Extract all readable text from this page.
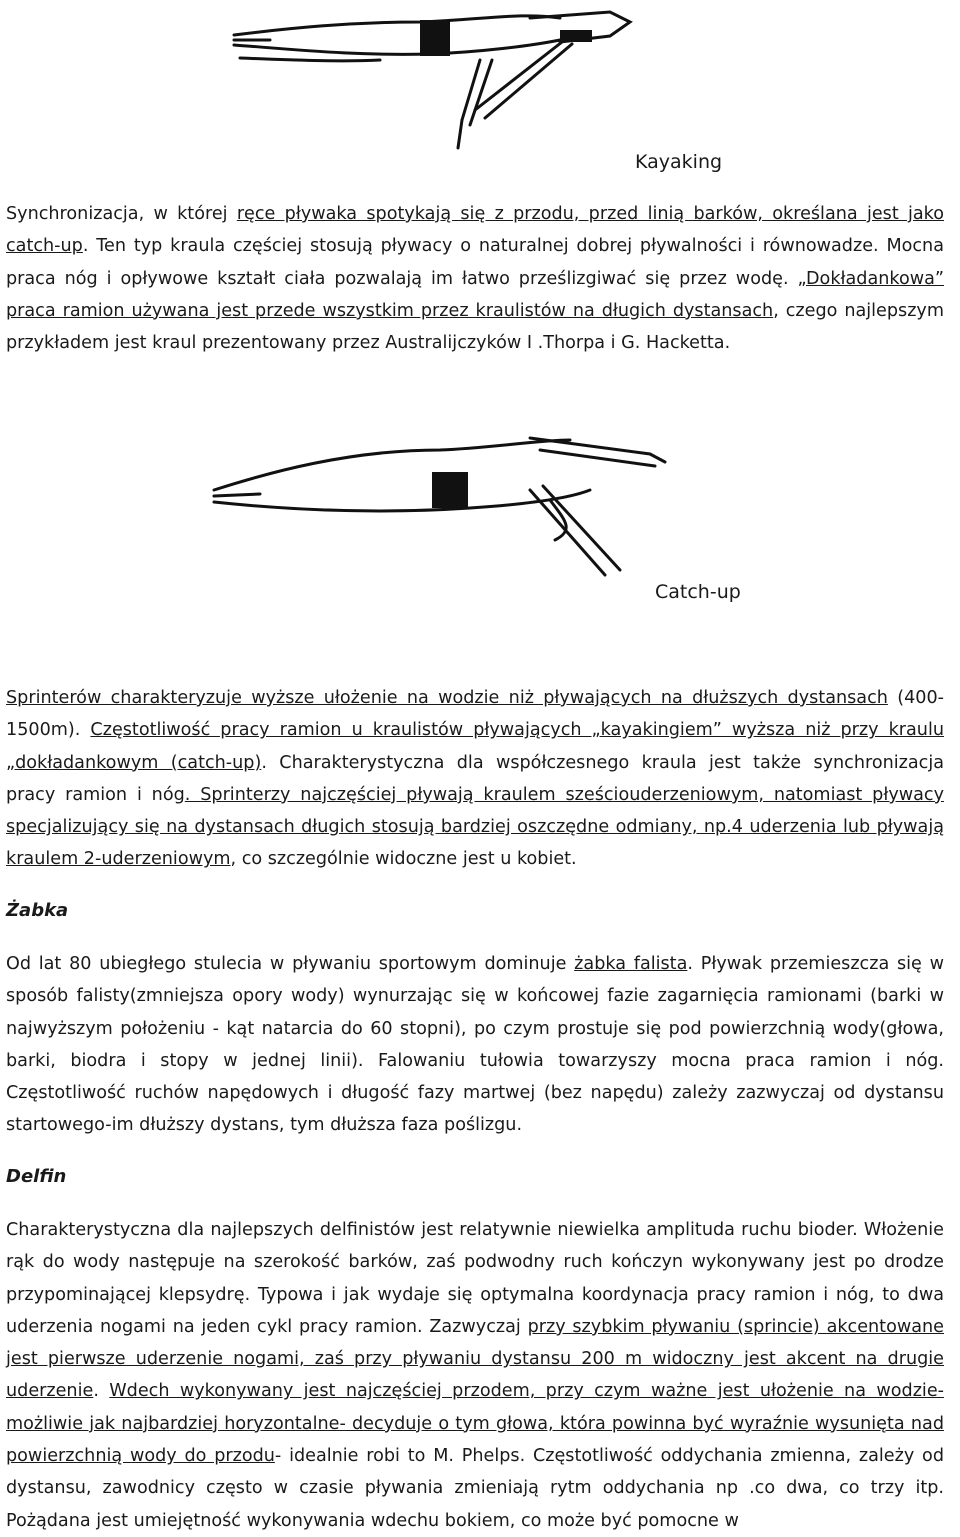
Kayaking

Synchronizacja, w której ręce pływaka spotykają się z przodu, przed linią barków, określana jest jako catch-up. Ten typ kraula częściej stosują pływacy o naturalnej dobrej pływalności i równowadze. Mocna praca nóg i opływowe kształt ciała pozwalają im łatwo prześlizgiwać się przez wodę. „Dokładankowa” praca ramion używana jest przede wszystkim przez kraulistów na długich dystansach, czego najlepszym przykładem jest kraul prezentowany przez Australijczyków I .Thorpa i G. Hacketta.

Catch-up

Sprinterów charakteryzuje wyższe ułożenie na wodzie niż pływających na dłuższych dystansach (400-1500m). Częstotliwość pracy ramion u kraulistów pływających „kayakingiem” wyższa niż przy kraulu „dokładankowym (catch-up). Charakterystyczna dla współczesnego kraula jest także synchronizacja pracy ramion i nóg. Sprinterzy najczęściej pływają kraulem sześciouderzeniowym, natomiast pływacy specjalizujący się na dystansach długich stosują bardziej oszczędne odmiany, np.4 uderzenia lub pływają kraulem 2-uderzeniowym, co szczególnie widoczne jest u kobiet.

Żabka

Od lat 80 ubiegłego stulecia w pływaniu sportowym dominuje żabka falista. Pływak przemieszcza się w sposób falisty(zmniejsza opory wody) wynurzając się w końcowej fazie zagarnięcia ramionami (barki w najwyższym położeniu - kąt natarcia do 60 stopni), po czym prostuje się pod powierzchnią wody(głowa, barki, biodra i stopy w jednej linii). Falowaniu tułowia towarzyszy mocna praca ramion i nóg. Częstotliwość ruchów napędowych i długość fazy martwej (bez napędu) zależy zazwyczaj od dystansu startowego-im dłuższy dystans, tym dłuższa faza poślizgu.

Delfin

Charakterystyczna dla najlepszych delfinistów jest relatywnie niewielka amplituda ruchu bioder. Włożenie rąk do wody następuje na szerokość barków, zaś podwodny ruch kończyn wykonywany jest po drodze przypominającej klepsydrę. Typowa i jak wydaje się optymalna koordynacja pracy ramion i nóg, to dwa uderzenia nogami na jeden cykl pracy ramion. Zazwyczaj przy szybkim pływaniu (sprincie) akcentowane jest pierwsze uderzenie nogami, zaś przy pływaniu dystansu 200 m widoczny jest akcent na drugie uderzenie. Wdech wykonywany jest najczęściej przodem, przy czym ważne jest ułożenie na wodzie- możliwie jak najbardziej horyzontalne- decyduje o tym głowa, która powinna być wyraźnie wysunięta nad powierzchnią wody do przodu- idealnie robi to M. Phelps. Częstotliwość oddychania zmienna, zależy od dystansu, zawodnicy często w czasie pływania zmieniają rytm oddychania np .co dwa, co trzy itp. Pożądana jest umiejętność wykonywania wdechu bokiem, co może być pomocne w
